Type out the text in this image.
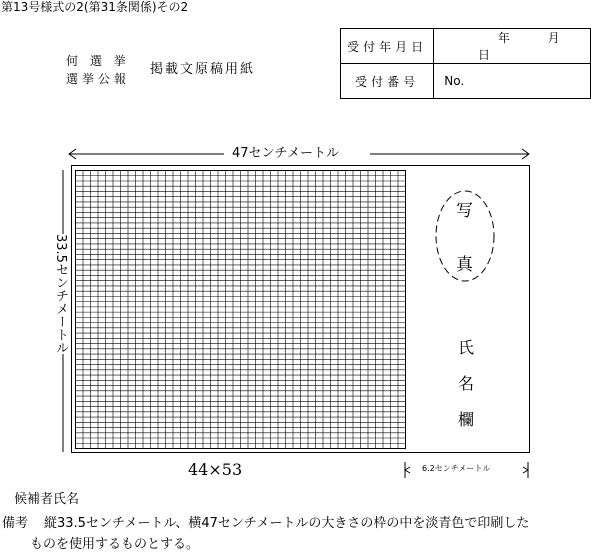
第13号様式の2(第31条関係)その2
何 選 挙
選挙公報
掲載文原稿用紙
受付年月日	年 月  日
受付番号	No.
47センチメートル
33.5センチメートル
写
真
氏
名
欄
44×53	6.2センチメートル
候補者氏名
備考 縦33.5センチメートル、横47センチメートルの大きさの枠の中を淡青色で印刷した
ものを使用するものとする。
